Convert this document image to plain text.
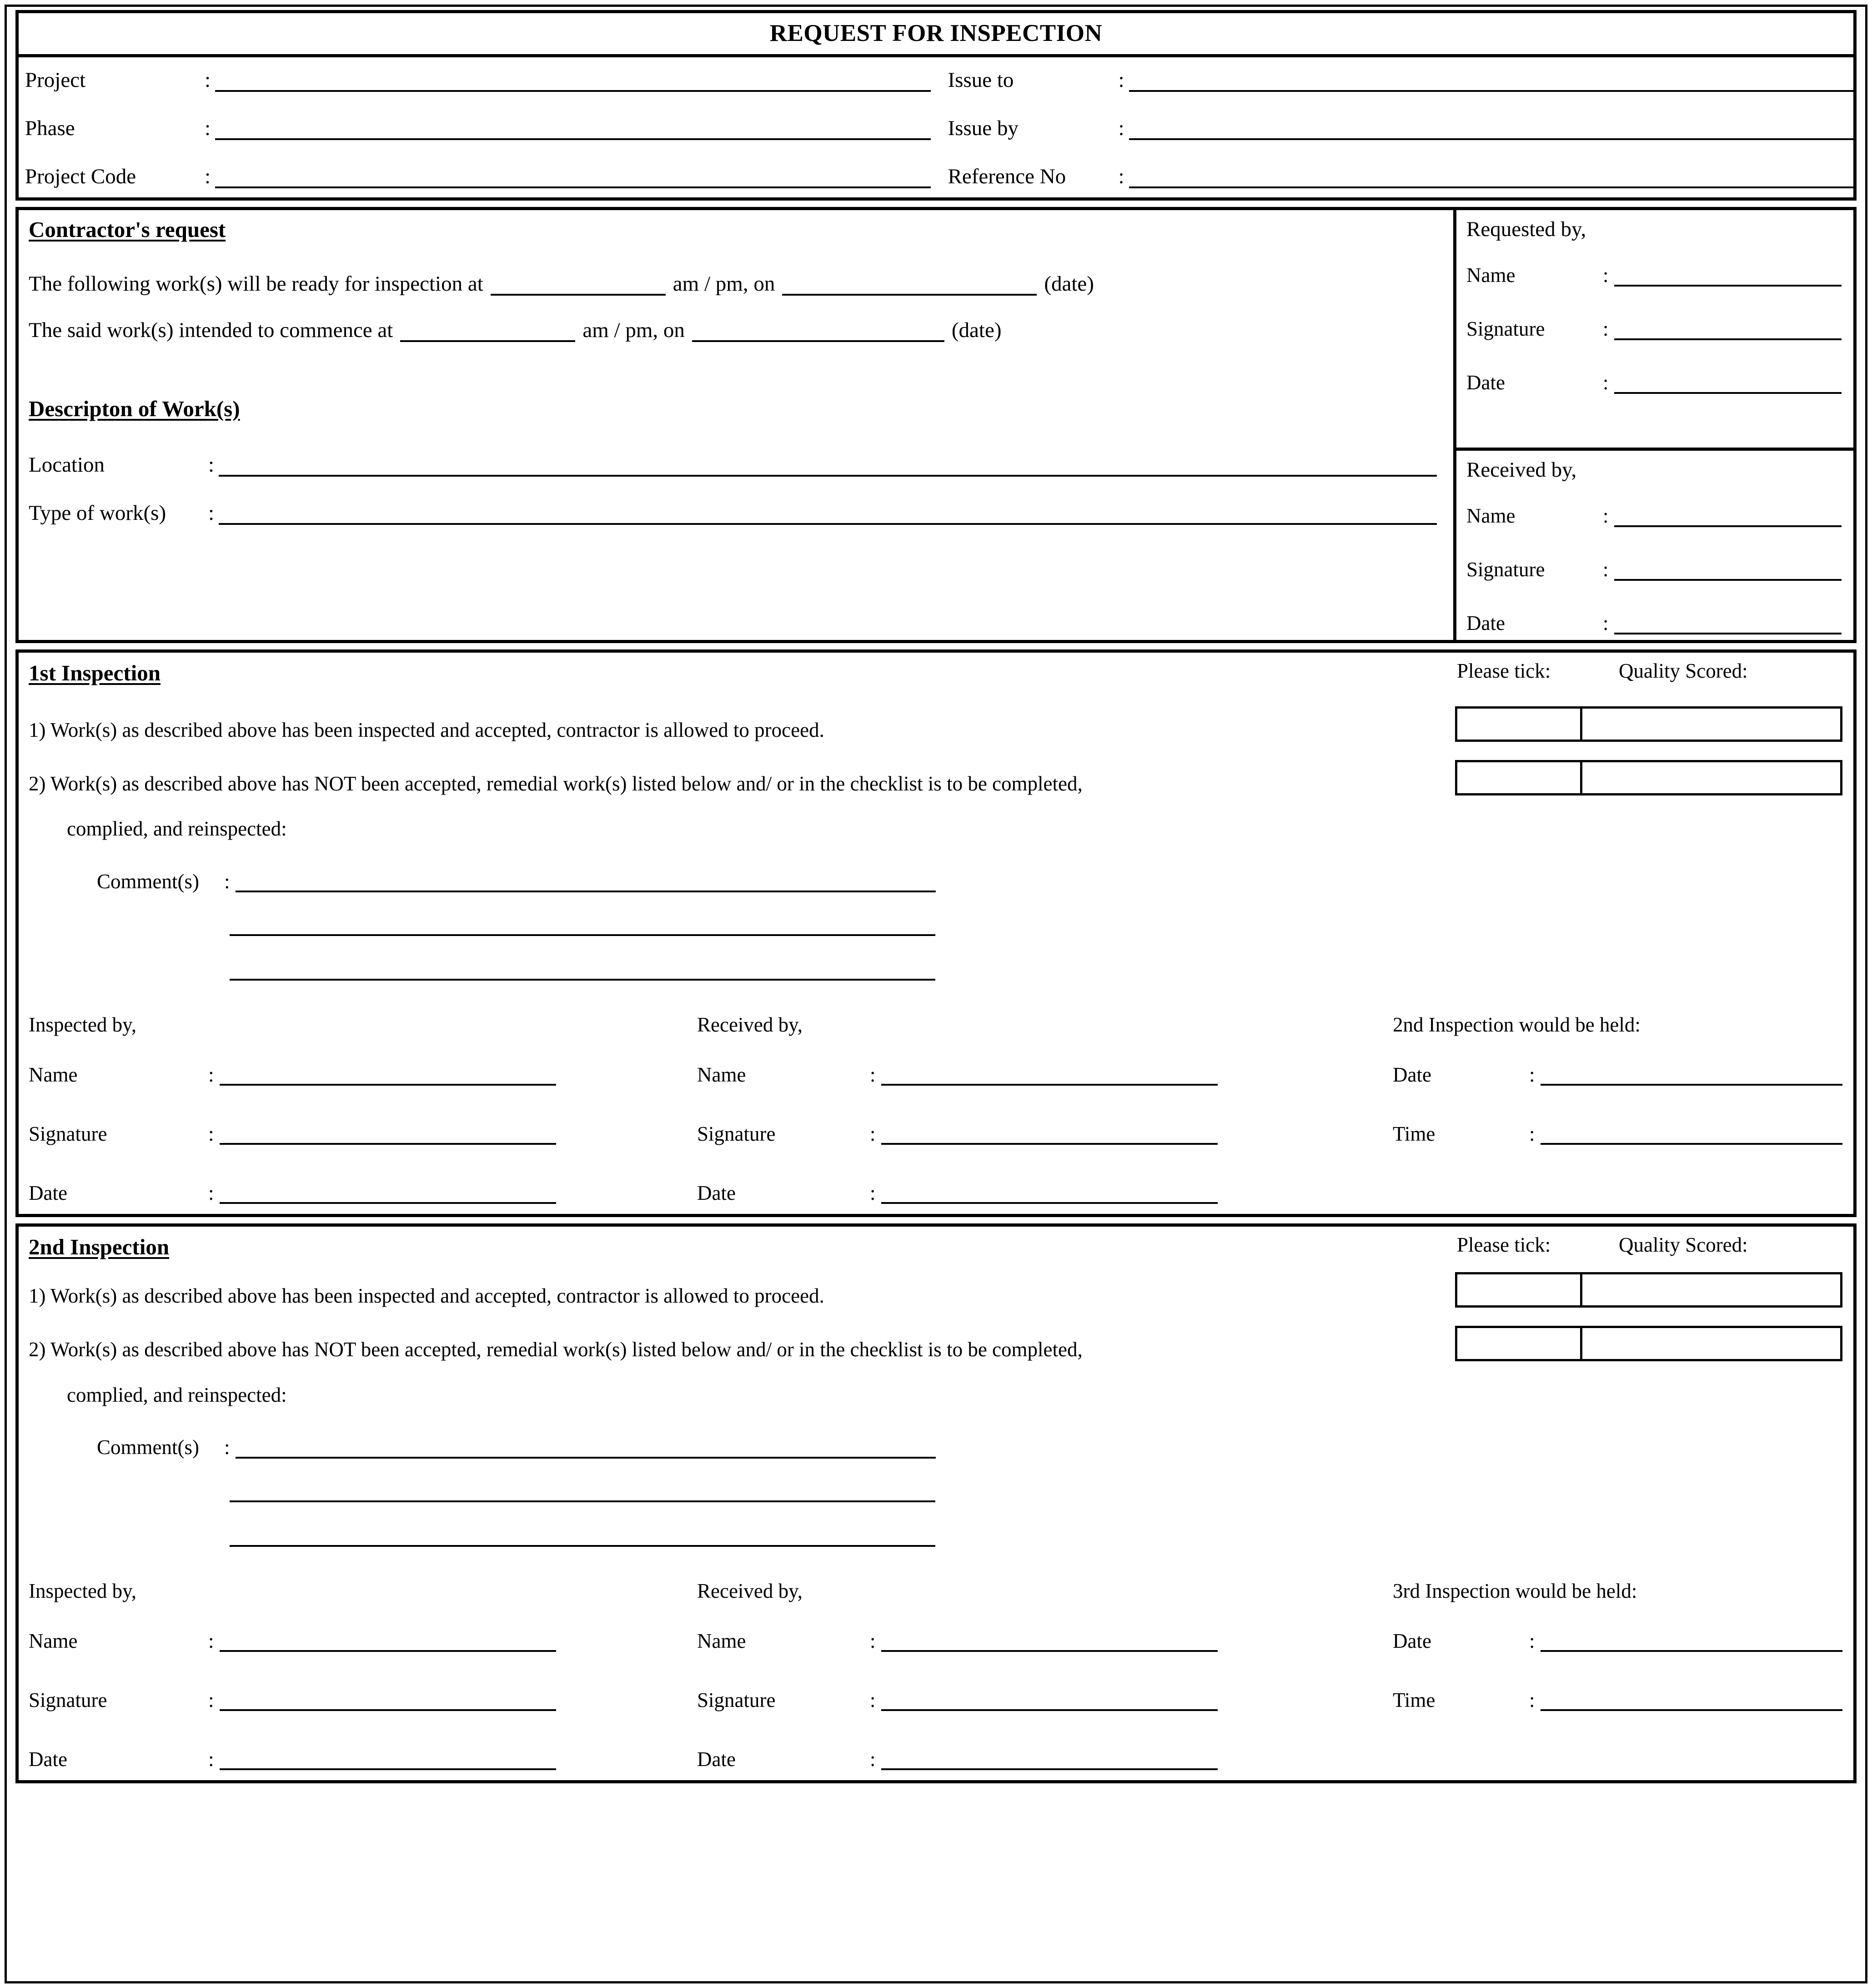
REQUEST FOR INSPECTION
Project	:
Phase	:
Project Code	:
Issue to	:
Issue by	:
Reference No	:
Contractor's request
The following work(s) will be ready for inspection at	am / pm, on	(date)
The said work(s) intended to commence at	am / pm, on	(date)
Descripton of Work(s)
Location	:
Type of work(s)	:
Requested by,
Name	:
Signature	:
Date	:
Received by,
Name	:
Signature	:
Date	:
1st Inspection
1) Work(s) as described above has been inspected and accepted, contractor is allowed to proceed.
2) Work(s) as described above has NOT been accepted, remedial work(s) listed below and/ or in the checklist is to be completed,
complied, and reinspected:
Comment(s)	:
Please tick:	Quality Scored:
Inspected by,
Name	:
Signature	:
Date	:
Received by,
Name	:
Signature	:
Date	:
2nd Inspection would be held:
Date	:
Time	:
2nd Inspection
1) Work(s) as described above has been inspected and accepted, contractor is allowed to proceed.
2) Work(s) as described above has NOT been accepted, remedial work(s) listed below and/ or in the checklist is to be completed,
complied, and reinspected:
Comment(s)	:
Please tick:	Quality Scored:
Inspected by,
Name	:
Signature	:
Date	:
Received by,
Name	:
Signature	:
Date	:
3rd Inspection would be held:
Date	:
Time	:
